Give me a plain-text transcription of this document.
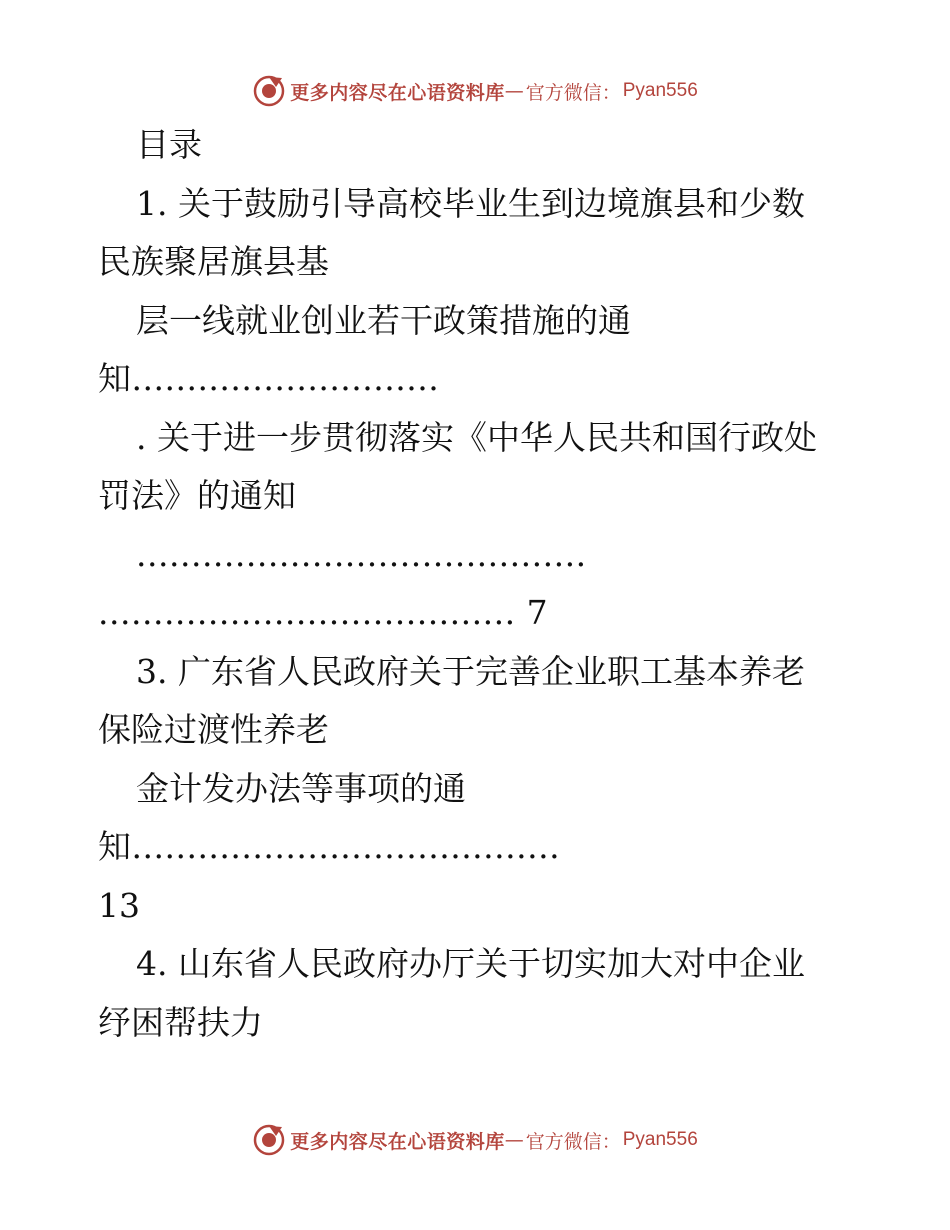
更多内容尽在心语资料库 — 官方微信： Pyan556
目录
1. 关于鼓励引导高校毕业生到边境旗县和少数
民族聚居旗县基
层一线就业创业若干政策措施的通
知............................
. 关于进一步贯彻落实《中华人民共和国行政处
罚法》的通知
.........................................
...................................... 7
3. 广东省人民政府关于完善企业职工基本养老
保险过渡性养老
金计发办法等事项的通
知.......................................
13
4. 山东省人民政府办厅关于切实加大对中企业
纾困帮扶力
更多内容尽在心语资料库 — 官方微信： Pyan556
